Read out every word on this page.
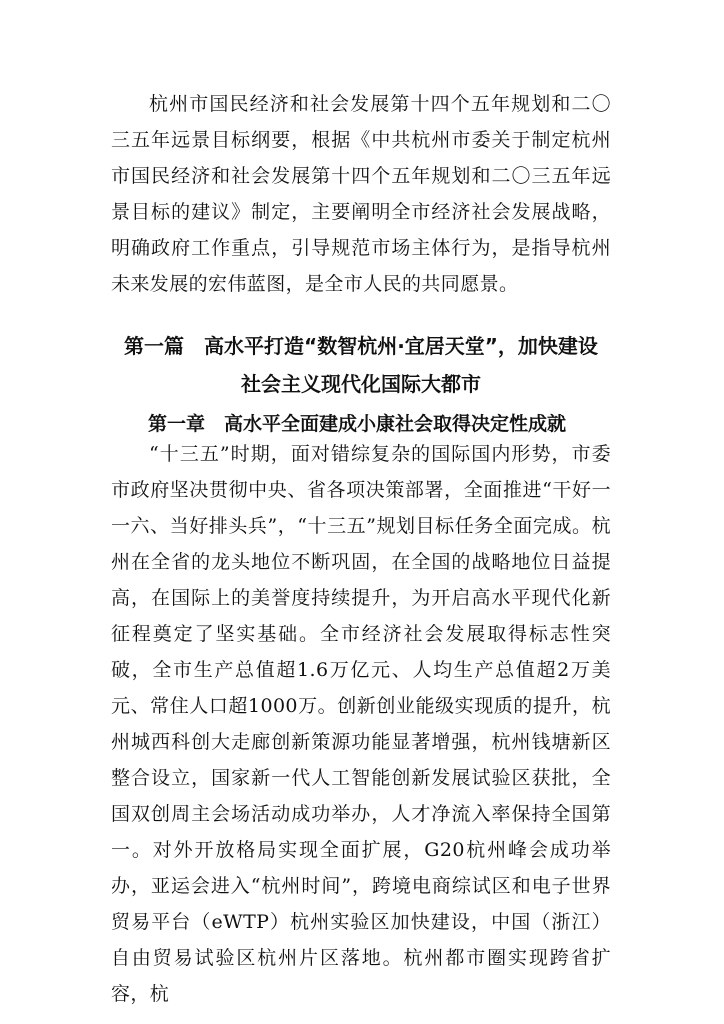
杭州市国民经济和社会发展第十四个五年规划和二〇三五年远景目标纲要，根据《中共杭州市委关于制定杭州市国民经济和社会发展第十四个五年规划和二〇三五年远景目标的建议》制定，主要阐明全市经济社会发展战略，明确政府工作重点，引导规范市场主体行为，是指导杭州未来发展的宏伟蓝图，是全市人民的共同愿景。

第一篇　高水平打造“数智杭州·宜居天堂”，加快建设
社会主义现代化国际大都市
第一章　高水平全面建成小康社会取得决定性成就

“十三五”时期，面对错综复杂的国际国内形势，市委市政府坚决贯彻中央、省各项决策部署，全面推进“干好一一六、当好排头兵”，“十三五”规划目标任务全面完成。杭州在全省的龙头地位不断巩固，在全国的战略地位日益提高，在国际上的美誉度持续提升，为开启高水平现代化新征程奠定了坚实基础。全市经济社会发展取得标志性突破，全市生产总值超1.6万亿元、人均生产总值超2万美元、常住人口超1000万。创新创业能级实现质的提升，杭州城西科创大走廊创新策源功能显著增强，杭州钱塘新区整合设立，国家新一代人工智能创新发展试验区获批，全国双创周主会场活动成功举办，人才净流入率保持全国第一。对外开放格局实现全面扩展，G20杭州峰会成功举办，亚运会进入“杭州时间”，跨境电商综试区和电子世界贸易平台（eWTP）杭州实验区加快建设，中国（浙江）自由贸易试验区杭州片区落地。杭州都市圈实现跨省扩容，杭
